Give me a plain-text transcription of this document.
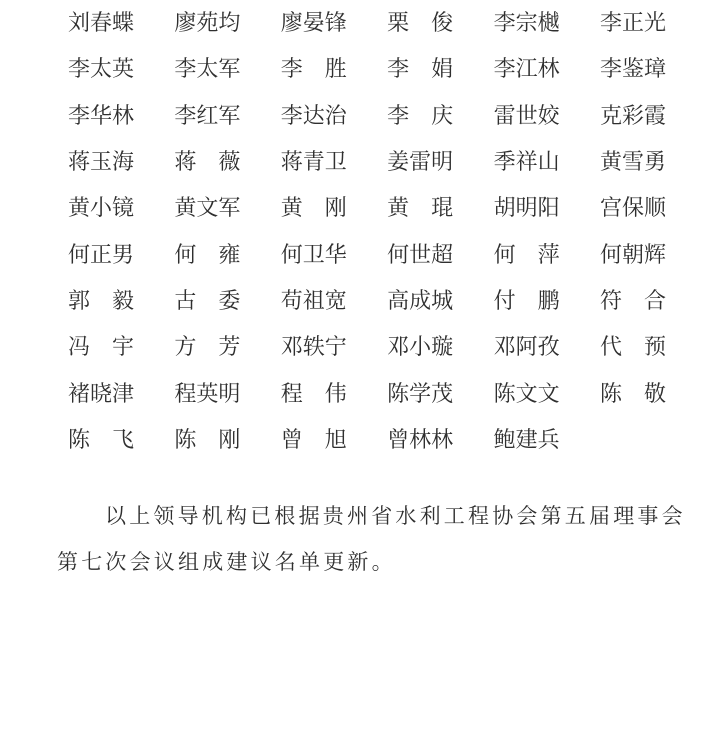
刘春蝶 廖苑均 廖晏锋 栗　俊 李宗樾 李正光
李太英 李太军 李　胜 李　娟 李江林 李鉴璋
李华林 李红军 李达治 李　庆 雷世姣 克彩霞
蒋玉海 蒋　薇 蒋青卫 姜雷明 季祥山 黄雪勇
黄小镜 黄文军 黄　刚 黄　琨 胡明阳 宫保顺
何正男 何　雍 何卫华 何世超 何　萍 何朝辉
郭　毅 古　委 苟祖宽 高成城 付　鹏 符　合
冯　宇 方　芳 邓轶宁 邓小璇 邓阿孜 代　预
褚晓津 程英明 程　伟 陈学茂 陈文文 陈　敬
陈　飞 陈　刚 曾　旭 曾林林 鲍建兵

以上领导机构已根据贵州省水利工程协会第五届理事会第七次会议组成建议名单更新。
